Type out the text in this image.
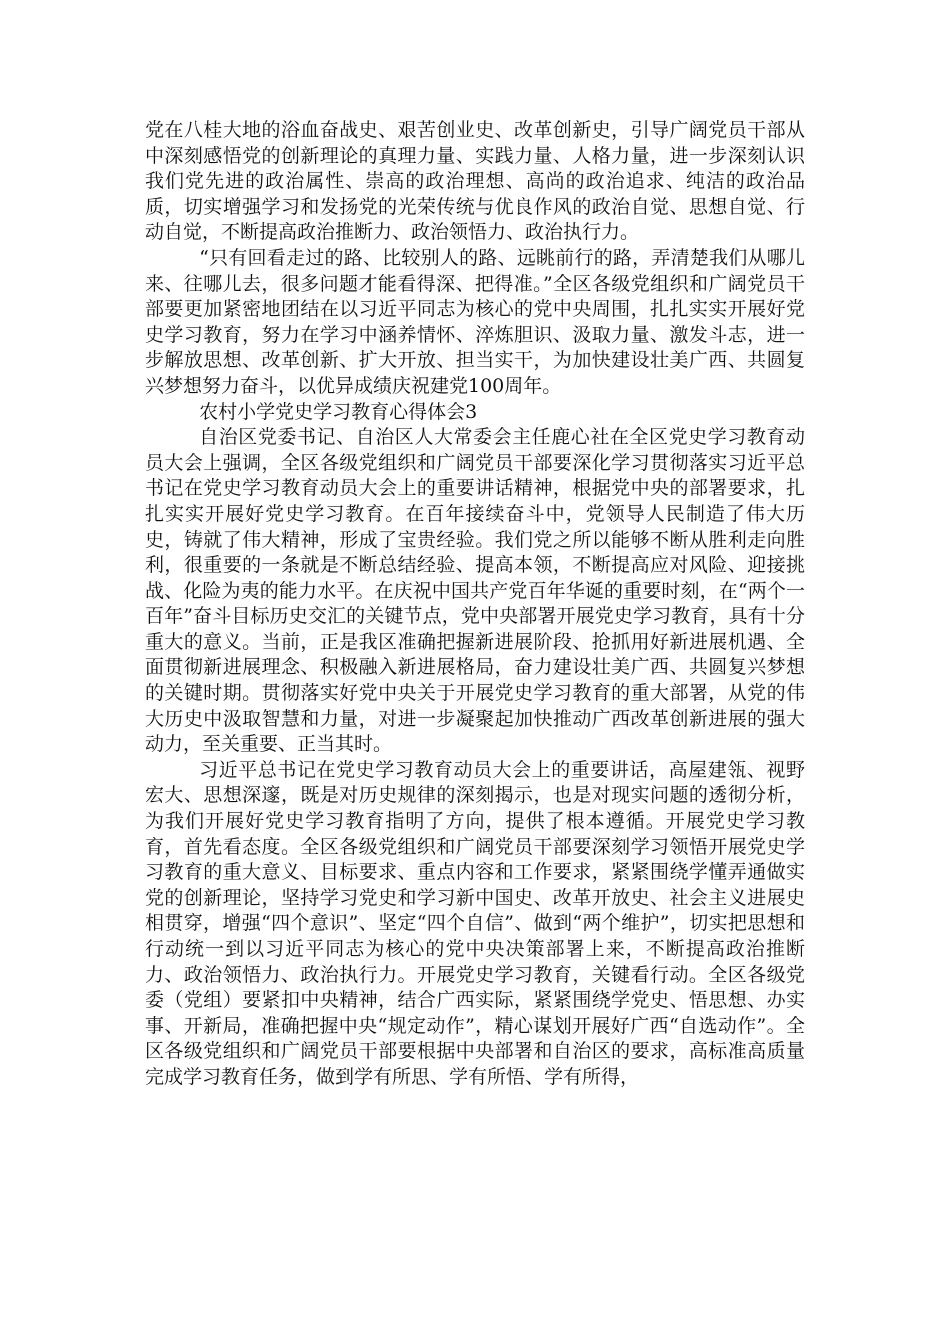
党在八桂大地的浴血奋战史、艰苦创业史、改革创新史，引导广阔党员干部从中深刻感悟党的创新理论的真理力量、实践力量、人格力量，进一步深刻认识我们党先进的政治属性、崇高的政治理想、高尚的政治追求、纯洁的政治品质，切实增强学习和发扬党的光荣传统与优良作风的政治自觉、思想自觉、行动自觉，不断提高政治推断力、政治领悟力、政治执行力。

“只有回看走过的路、比较别人的路、远眺前行的路，弄清楚我们从哪儿来、往哪儿去，很多问题才能看得深、把得准。”全区各级党组织和广阔党员干部要更加紧密地团结在以习近平同志为核心的党中央周围，扎扎实实开展好党史学习教育，努力在学习中涵养情怀、淬炼胆识、汲取力量、激发斗志，进一步解放思想、改革创新、扩大开放、担当实干，为加快建设壮美广西、共圆复兴梦想努力奋斗，以优异成绩庆祝建党100周年。

农村小学党史学习教育心得体会3

自治区党委书记、自治区人大常委会主任鹿心社在全区党史学习教育动员大会上强调，全区各级党组织和广阔党员干部要深化学习贯彻落实习近平总书记在党史学习教育动员大会上的重要讲话精神，根据党中央的部署要求，扎扎实实开展好党史学习教育。在百年接续奋斗中，党领导人民制造了伟大历史，铸就了伟大精神，形成了宝贵经验。我们党之所以能够不断从胜利走向胜利，很重要的一条就是不断总结经验、提高本领，不断提高应对风险、迎接挑战、化险为夷的能力水平。在庆祝中国共产党百年华诞的重要时刻，在“两个一百年”奋斗目标历史交汇的关键节点，党中央部署开展党史学习教育，具有十分重大的意义。当前，正是我区准确把握新进展阶段、抢抓用好新进展机遇、全面贯彻新进展理念、积极融入新进展格局，奋力建设壮美广西、共圆复兴梦想的关键时期。贯彻落实好党中央关于开展党史学习教育的重大部署，从党的伟大历史中汲取智慧和力量，对进一步凝聚起加快推动广西改革创新进展的强大动力，至关重要、正当其时。

习近平总书记在党史学习教育动员大会上的重要讲话，高屋建瓴、视野宏大、思想深邃，既是对历史规律的深刻揭示，也是对现实问题的透彻分析，为我们开展好党史学习教育指明了方向，提供了根本遵循。开展党史学习教育，首先看态度。全区各级党组织和广阔党员干部要深刻学习领悟开展党史学习教育的重大意义、目标要求、重点内容和工作要求，紧紧围绕学懂弄通做实党的创新理论，坚持学习党史和学习新中国史、改革开放史、社会主义进展史相贯穿，增强“四个意识”、坚定“四个自信”、做到“两个维护”，切实把思想和行动统一到以习近平同志为核心的党中央决策部署上来，不断提高政治推断力、政治领悟力、政治执行力。开展党史学习教育，关键看行动。全区各级党委（党组）要紧扣中央精神，结合广西实际，紧紧围绕学党史、悟思想、办实事、开新局，准确把握中央“规定动作”，精心谋划开展好广西“自选动作”。全区各级党组织和广阔党员干部要根据中央部署和自治区的要求，高标准高质量完成学习教育任务，做到学有所思、学有所悟、学有所得，
